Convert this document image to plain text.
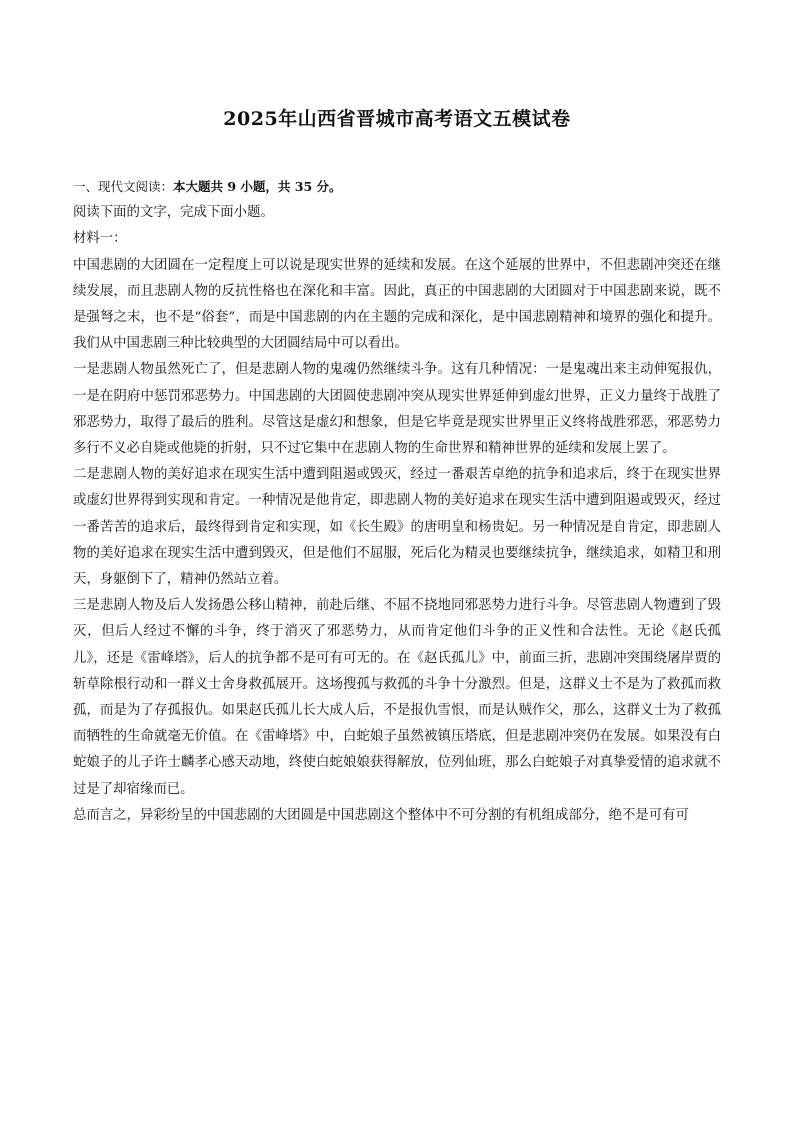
2025年山西省晋城市高考语文五模试卷

一、现代文阅读：本大题共 9 小题，共 35 分。

阅读下面的文字，完成下面小题。

材料一：

中国悲剧的大团圆在一定程度上可以说是现实世界的延续和发展。在这个延展的世界中，不但悲剧冲突还在继续发展，而且悲剧人物的反抗性格也在深化和丰富。因此，真正的中国悲剧的大团圆对于中国悲剧来说，既不是强弩之末，也不是“俗套”，而是中国悲剧的内在主题的完成和深化，是中国悲剧精神和境界的强化和提升。我们从中国悲剧三种比较典型的大团圆结局中可以看出。

一是悲剧人物虽然死亡了，但是悲剧人物的鬼魂仍然继续斗争。这有几种情况：一是鬼魂出来主动伸冤报仇，一是在阴府中惩罚邪恶势力。中国悲剧的大团圆使悲剧冲突从现实世界延伸到虚幻世界，正义力量终于战胜了邪恶势力，取得了最后的胜利。尽管这是虚幻和想象，但是它毕竟是现实世界里正义终将战胜邪恶，邪恶势力多行不义必自毙或他毙的折射，只不过它集中在悲剧人物的生命世界和精神世界的延续和发展上罢了。

二是悲剧人物的美好追求在现实生活中遭到阻遏或毁灭，经过一番艰苦卓绝的抗争和追求后，终于在现实世界或虚幻世界得到实现和肯定。一种情况是他肯定，即悲剧人物的美好追求在现实生活中遭到阻遏或毁灭，经过一番苦苦的追求后，最终得到肯定和实现，如《长生殿》的唐明皇和杨贵妃。另一种情况是自肯定，即悲剧人物的美好追求在现实生活中遭到毁灭，但是他们不屈服，死后化为精灵也要继续抗争，继续追求，如精卫和刑天，身躯倒下了，精神仍然站立着。

三是悲剧人物及后人发扬愚公移山精神，前赴后继、不屈不挠地同邪恶势力进行斗争。尽管悲剧人物遭到了毁灭，但后人经过不懈的斗争，终于消灭了邪恶势力，从而肯定他们斗争的正义性和合法性。无论《赵氏孤儿》，还是《雷峰塔》，后人的抗争都不是可有可无的。在《赵氏孤儿》中，前面三折，悲剧冲突围绕屠岸贾的斩草除根行动和一群义士舍身救孤展开。这场搜孤与救孤的斗争十分激烈。但是，这群义士不是为了救孤而救孤，而是为了存孤报仇。如果赵氏孤儿长大成人后，不是报仇雪恨，而是认贼作父，那么，这群义士为了救孤而牺牲的生命就毫无价值。在《雷峰塔》中，白蛇娘子虽然被镇压塔底，但是悲剧冲突仍在发展。如果没有白蛇娘子的儿子许士麟孝心感天动地，终使白蛇娘娘获得解放，位列仙班，那么白蛇娘子对真挚爱情的追求就不过是了却宿缘而已。

总而言之，异彩纷呈的中国悲剧的大团圆是中国悲剧这个整体中不可分割的有机组成部分，绝不是可有可
